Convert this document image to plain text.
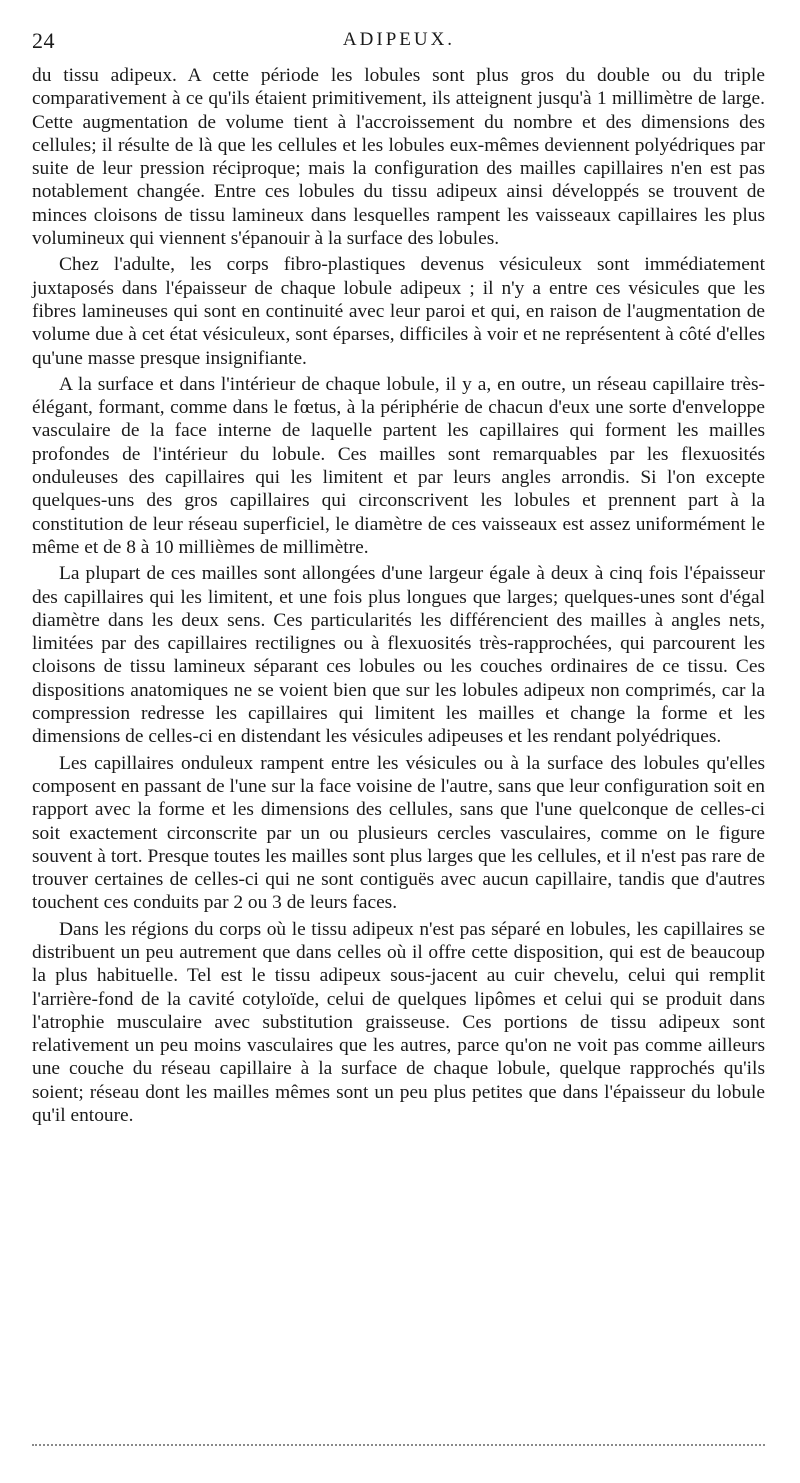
24	ADIPEUX.

du tissu adipeux. A cette période les lobules sont plus gros du double ou du triple comparativement à ce qu'ils étaient primitivement, ils atteignent jusqu'à 1 millimètre de large. Cette augmentation de volume tient à l'accroissement du nombre et des dimensions des cellules; il résulte de là que les cellules et les lobules eux-mêmes deviennent polyédriques par suite de leur pression réciproque; mais la configuration des mailles capillaires n'en est pas notablement changée. Entre ces lobules du tissu adipeux ainsi développés se trouvent de minces cloisons de tissu lamineux dans lesquelles rampent les vaisseaux capillaires les plus volumineux qui viennent s'épanouir à la surface des lobules.

Chez l'adulte, les corps fibro-plastiques devenus vésiculeux sont immédiatement juxtaposés dans l'épaisseur de chaque lobule adipeux ; il n'y a entre ces vésicules que les fibres lamineuses qui sont en continuité avec leur paroi et qui, en raison de l'augmentation de volume due à cet état vésiculeux, sont éparses, difficiles à voir et ne représentent à côté d'elles qu'une masse presque insignifiante.

A la surface et dans l'intérieur de chaque lobule, il y a, en outre, un réseau capillaire très-élégant, formant, comme dans le fœtus, à la périphérie de chacun d'eux une sorte d'enveloppe vasculaire de la face interne de laquelle partent les capillaires qui forment les mailles profondes de l'intérieur du lobule. Ces mailles sont remarquables par les flexuosités onduleuses des capillaires qui les limitent et par leurs angles arrondis. Si l'on excepte quelques-uns des gros capillaires qui circonscrivent les lobules et prennent part à la constitution de leur réseau superficiel, le diamètre de ces vaisseaux est assez uniformément le même et de 8 à 10 millièmes de millimètre.

La plupart de ces mailles sont allongées d'une largeur égale à deux à cinq fois l'épaisseur des capillaires qui les limitent, et une fois plus longues que larges; quelques-unes sont d'égal diamètre dans les deux sens. Ces particularités les différencient des mailles à angles nets, limitées par des capillaires rectilignes ou à flexuosités très-rapprochées, qui parcourent les cloisons de tissu lamineux séparant ces lobules ou les couches ordinaires de ce tissu. Ces dispositions anatomiques ne se voient bien que sur les lobules adipeux non comprimés, car la compression redresse les capillaires qui limitent les mailles et change la forme et les dimensions de celles-ci en distendant les vésicules adipeuses et les rendant polyédriques.

Les capillaires onduleux rampent entre les vésicules ou à la surface des lobules qu'elles composent en passant de l'une sur la face voisine de l'autre, sans que leur configuration soit en rapport avec la forme et les dimensions des cellules, sans que l'une quelconque de celles-ci soit exactement circonscrite par un ou plusieurs cercles vasculaires, comme on le figure souvent à tort. Presque toutes les mailles sont plus larges que les cellules, et il n'est pas rare de trouver certaines de celles-ci qui ne sont contiguës avec aucun capillaire, tandis que d'autres touchent ces conduits par 2 ou 3 de leurs faces.

Dans les régions du corps où le tissu adipeux n'est pas séparé en lobules, les capillaires se distribuent un peu autrement que dans celles où il offre cette disposition, qui est de beaucoup la plus habituelle. Tel est le tissu adipeux sous-jacent au cuir chevelu, celui qui remplit l'arrière-fond de la cavité cotyloïde, celui de quelques lipômes et celui qui se produit dans l'atrophie musculaire avec substitution graisseuse. Ces portions de tissu adipeux sont relativement un peu moins vasculaires que les autres, parce qu'on ne voit pas comme ailleurs une couche du réseau capillaire à la surface de chaque lobule, quelque rapprochés qu'ils soient; réseau dont les mailles mêmes sont un peu plus petites que dans l'épaisseur du lobule qu'il entoure.
